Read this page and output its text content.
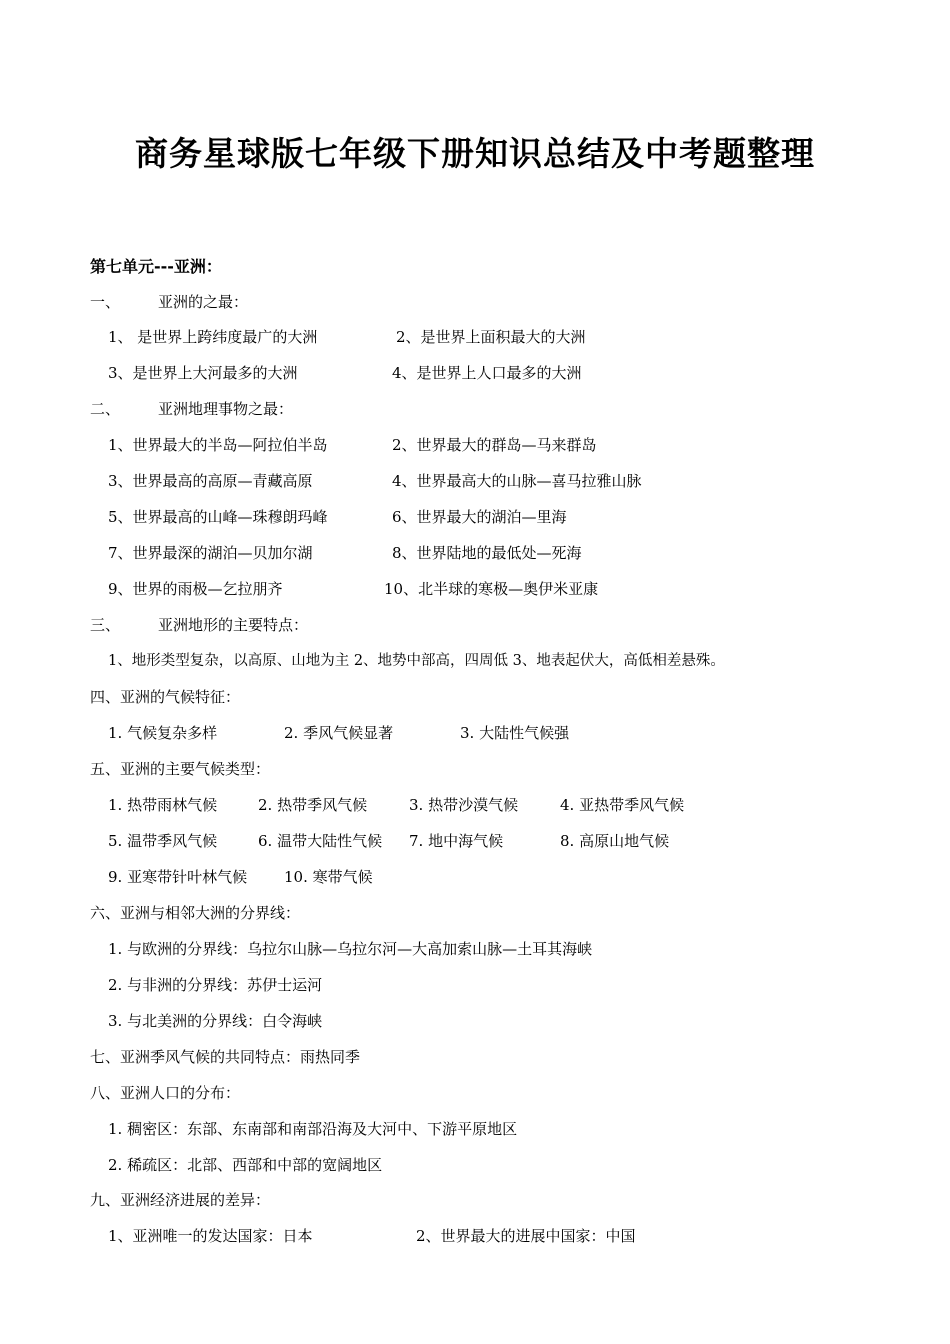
商务星球版七年级下册知识总结及中考题整理
第七单元---亚洲：
一、	亚洲的之最：
1、 是世界上跨纬度最广的大洲	2、是世界上面积最大的大洲
3、是世界上大河最多的大洲	4、是世界上人口最多的大洲
二、	亚洲地理事物之最：
1、世界最大的半岛—阿拉伯半岛	2、世界最大的群岛—马来群岛
3、世界最高的高原—青藏高原	4、世界最高大的山脉—喜马拉雅山脉
5、世界最高的山峰—珠穆朗玛峰	6、世界最大的湖泊—里海
7、世界最深的湖泊—贝加尔湖	8、世界陆地的最低处—死海
9、世界的雨极—乞拉朋齐	10、北半球的寒极—奥伊米亚康
三、	亚洲地形的主要特点：
1、地形类型复杂，以高原、山地为主 2、地势中部高，四周低 3、地表起伏大，高低相差悬殊。
四、亚洲的气候特征：
1. 气候复杂多样	2. 季风气候显著	3. 大陆性气候强
五、亚洲的主要气候类型：
1. 热带雨林气候	2. 热带季风气候	3. 热带沙漠气候	4. 亚热带季风气候
5. 温带季风气候	6. 温带大陆性气候 7. 地中海气候	8. 高原山地气候
9. 亚寒带针叶林气候 10. 寒带气候
六、亚洲与相邻大洲的分界线：
1. 与欧洲的分界线：乌拉尔山脉—乌拉尔河—大高加索山脉—土耳其海峡
2. 与非洲的分界线：苏伊士运河
3. 与北美洲的分界线：白令海峡
七、亚洲季风气候的共同特点：雨热同季
八、亚洲人口的分布：
1. 稠密区：东部、东南部和南部沿海及大河中、下游平原地区
2. 稀疏区：北部、西部和中部的宽阔地区
九、亚洲经济进展的差异：
1、亚洲唯一的发达国家：日本	2、世界最大的进展中国家：中国
